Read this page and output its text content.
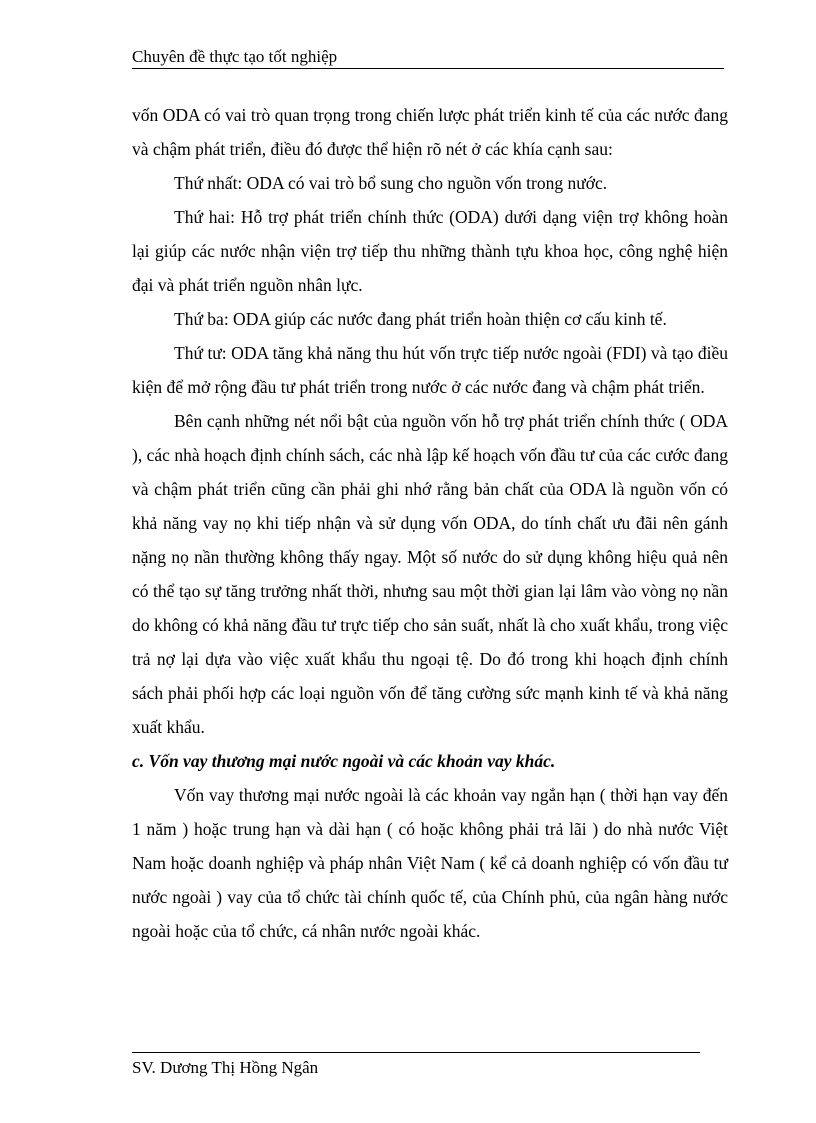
Chuyên đề thực tạo tốt nghiệp

vốn ODA có vai trò quan trọng trong chiến lược phát triển kinh tế của các nước đang và chậm phát triển, điều đó được thể hiện rõ nét ở các khía cạnh sau:

Thứ nhất: ODA có vai trò bổ sung cho nguồn vốn trong nước.

Thứ hai: Hỗ trợ phát triển chính thức (ODA) dưới dạng viện trợ không hoàn lại giúp các nước nhận viện trợ tiếp thu những thành tựu khoa học, công nghệ hiện đại và phát triển nguồn nhân lực.

Thứ ba: ODA giúp các nước đang phát triển hoàn thiện cơ cấu kinh tế.

Thứ tư: ODA tăng khả năng thu hút vốn trực tiếp nước ngoài (FDI) và tạo điều kiện để mở rộng đầu tư phát triển trong nước ở các nước đang và chậm phát triển.

Bên cạnh những nét nổi bật của nguồn vốn hỗ trợ phát triển chính thức ( ODA ), các nhà hoạch định chính sách, các nhà lập kế hoạch vốn đầu tư của các cước đang và chậm phát triển cũng cần phải ghi nhớ rằng bản chất của ODA là nguồn vốn có khả năng vay nọ khi tiếp nhận và sử dụng vốn ODA, do tính chất ưu đãi nên gánh nặng nọ nần thường không thấy ngay. Một số nước do sử dụng không hiệu quả nên có thể tạo sự tăng trưởng nhất thời, nhưng sau một thời gian lại lâm vào vòng nọ nần do không có khả năng đầu tư trực tiếp cho sản suất, nhất là cho xuất khẩu, trong việc trả nợ lại dựa vào việc xuất khẩu thu ngoại tệ. Do đó trong khi hoạch định chính sách phải phối hợp các loại nguồn vốn để tăng cường sức mạnh kinh tế và khả năng xuất khẩu.

c. Vốn vay thương mại nước ngoài và các khoản vay khác.

Vốn vay thương mại nước ngoài là các khoản vay ngắn hạn ( thời hạn vay đến 1 năm ) hoặc trung hạn và dài hạn ( có hoặc không phải trả lãi ) do nhà nước Việt Nam hoặc doanh nghiệp và pháp nhân Việt Nam ( kể cả doanh nghiệp có vốn đầu tư nước ngoài ) vay của tổ chức tài chính quốc tế, của Chính phủ, của ngân hàng nước ngoài hoặc của tổ chức, cá nhân nước ngoài khác.

SV. Dương Thị Hồng Ngân
